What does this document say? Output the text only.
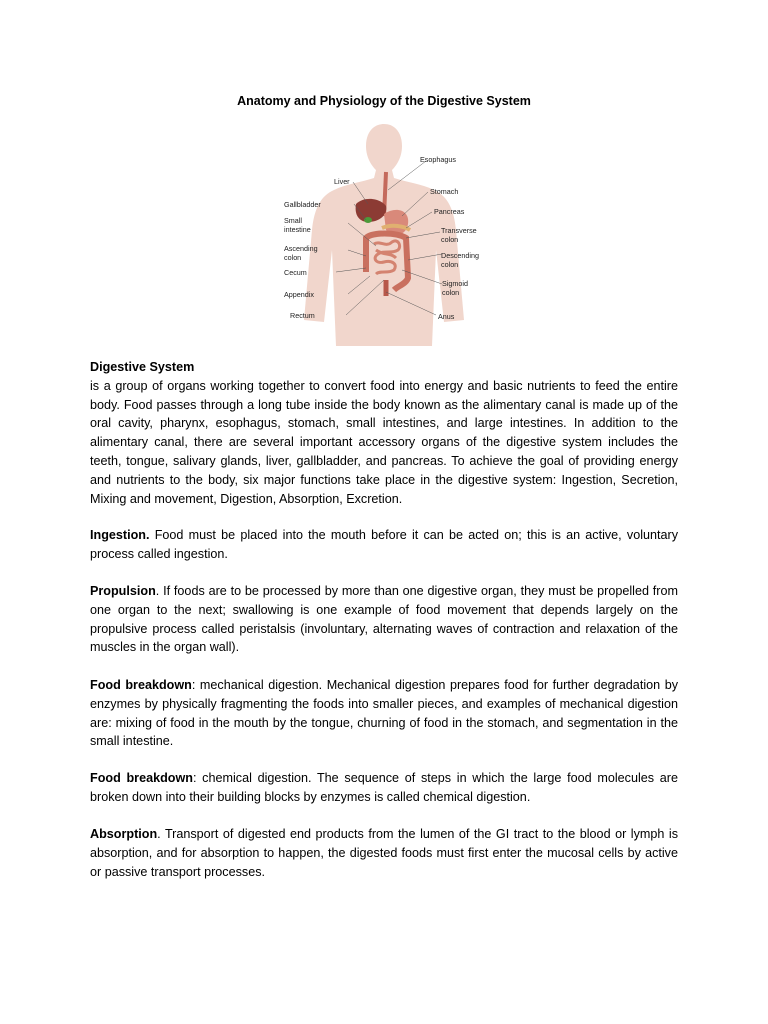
Anatomy and Physiology of the Digestive System
Liver
Gallbladder
Small
intestine
Ascending
colon
Cecum
Appendix
Rectum
Esophagus
Stomach
Pancreas
Transverse
colon
Descending
colon
Sigmoid
colon
Anus
Digestive System

is a group of organs working together to convert food into energy and basic nutrients to feed the entire body. Food passes through a long tube inside the body known as the alimentary canal is made up of the oral cavity, pharynx, esophagus, stomach, small intestines, and large intestines. In addition to the alimentary canal, there are several important accessory organs of the digestive system includes the teeth, tongue, salivary glands, liver, gallbladder, and pancreas. To achieve the goal of providing energy and nutrients to the body, six major functions take place in the digestive system: Ingestion, Secretion, Mixing and movement, Digestion, Absorption, Excretion.

Ingestion. Food must be placed into the mouth before it can be acted on; this is an active, voluntary process called ingestion.

Propulsion. If foods are to be processed by more than one digestive organ, they must be propelled from one organ to the next; swallowing is one example of food movement that depends largely on the propulsive process called peristalsis (involuntary, alternating waves of contraction and relaxation of the muscles in the organ wall).

Food breakdown: mechanical digestion. Mechanical digestion prepares food for further degradation by enzymes by physically fragmenting the foods into smaller pieces, and examples of mechanical digestion are: mixing of food in the mouth by the tongue, churning of food in the stomach, and segmentation in the small intestine.

Food breakdown: chemical digestion. The sequence of steps in which the large food molecules are broken down into their building blocks by enzymes is called chemical digestion.

Absorption. Transport of digested end products from the lumen of the GI tract to the blood or lymph is absorption, and for absorption to happen, the digested foods must first enter the mucosal cells by active or passive transport processes.
